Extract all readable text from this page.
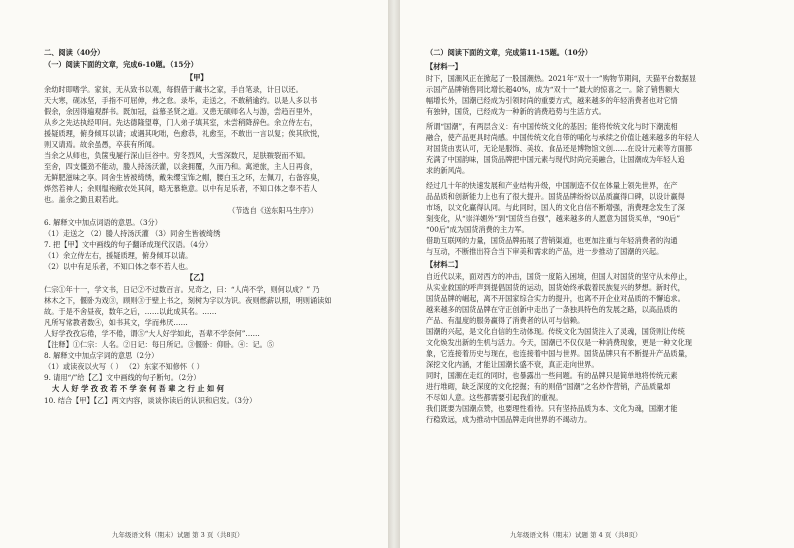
二、阅读（40分）
（一）阅读下面的文章，完成6-10题。（15分）
【甲】
余幼时即嗜学。家贫，无从致书以观，每假借于藏书之家，手自笔录，计日以还。
天大寒，砚冰坚，手指不可屈伸，弗之怠。录毕，走送之，不敢稍逾约。以是人多以书
假余，余因得遍观群书。既加冠，益慕圣贤之道。又患无硕师名人与游，尝趋百里外，
从乡之先达执经叩问。先达德隆望尊，门人弟子填其室，未尝稍降辞色。余立侍左右，
援疑质理，俯身倾耳以请；或遇其叱咄，色愈恭，礼愈至，不敢出一言以复；俟其欣悦，
则又请焉。故余虽愚，卒获有所闻。
当余之从师也，负箧曳屣行深山巨谷中。穷冬烈风，大雪深数尺，足肤皲裂而不知。
至舍，四支僵劲不能动，媵人持汤沃灌，以衾拥覆，久而乃和。寓逆旅，主人日再食，
无鲜肥滋味之享。同舍生皆被绮绣，戴朱缨宝饰之帽，腰白玉之环，左佩刀，右备容臭，
烨然若神人；余则缊袍敝衣处其间，略无慕艳意。以中有足乐者，不知口体之奉不若人
也。盖余之勤且艰若此。
（节选自《送东阳马生序》）
6. 解释文中加点词语的意思。（3分）
（1）走送之 （2）媵人持汤沃灌 （3）同舍生皆被绮绣
7. 把【甲】文中画线的句子翻译成现代汉语。（4分）
（1）余立侍左右，援疑质理，俯身倾耳以请。
（2）以中有足乐者，不知口体之奉不若人也。
【乙】
仁宗①年十一，学文书，日记②不过数百言。兄奇之，曰：“人尚不学，则何以成？” 乃
林木之下，偃卧为戏③，顾则③于壁上书之，刻树为字以为识。夜则燃薪以照，明则诵读如
故。于是不舍昼夜，数年之后，……以此成其名。……
凡所写常教者数④，如书其文，学而弗厌……
人好学孜孜忘倦，学不倦，谓⑤“大人好学如此，吾辈不学奈何”……
【注释】①仁宗：人名。②日记：每日所记。③偃卧：仰卧。④：记。⑤
8. 解释文中加点字词的意思（2分）
（1）或读夜以火写（ ） （2）东家不知修怀（ ）
9. 请用“/”给【乙】文中画线的句子断句。（2分）
大 人 好 学 孜 孜 若 不 学 奈 何 吾 辈 之 行 止 如 何
10. 结合【甲】【乙】两文内容，谈谈你读后的认识和启发。（3分）
九年级语文科（期末）试题 第 3 页（共8页）
（二）阅读下面的文章，完成第11-15题。（10分）
【材料一】
时下，国潮风正在掀起了一股国潮热。2021年“双十一”购物节期间，天猫平台数据显
示国产品牌销售同比增长超40%，成为“双十一”最大的惊喜之一。除了销售额大
幅增长外，国潮已经成为引领时尚的重要方式，越来越多的年轻消费者也对它情
有独钟，国货，已经成为一种新的消费趋势与生活方式。
所谓“国潮”，有两层含义：有中国传统文化的基因；能将传统文化与时下潮流相
融合，使产品更具时尚感。中国传统文化自带的哺化与承续之价值让越来越多的年轻人
对国货由衷认可，无论是服饰、美妆、食品还是博物馆文创……在设计元素等方面都
充满了中国韵味，国货品牌把中国元素与现代时尚完美融合，让国潮成为年轻人追
求的新风尚。
经过几十年的快速发展和产业结构升级，中国制造不仅在体量上领先世界，在产
品品质和创新能力上也有了很大提升。国货品牌纷纷以品质赢得口碑，以设计赢得
市场，以文化赢得认同。与此同时，国人的文化自信不断增强，消费理念发生了深
刻变化，从“崇洋媚外”到“国货当自强”，越来越多的人愿意为国货买单，“90后”
“00后”成为国货消费的主力军。
借助互联网的力量，国货品牌拓展了营销渠道，也更加注重与年轻消费者的沟通
与互动，不断推出符合当下审美和需求的产品，进一步推动了国潮的兴起。
【材料二】
自近代以来，面对西方的冲击，国货一度陷入困境，但国人对国货的坚守从未停止，
从实业救国的呼声到提倡国货的运动，国货始终承载着民族复兴的梦想。新时代，
国货品牌的崛起，离不开国家综合实力的提升，也离不开企业对品质的不懈追求。
越来越多的国货品牌在守正创新中走出了一条独具特色的发展之路，以高品质的
产品、有温度的服务赢得了消费者的认可与信赖。
国潮的兴起，是文化自信的生动体现。传统文化为国货注入了灵魂，国货则让传统
文化焕发出新的生机与活力。今天，国潮已不仅仅是一种消费现象，更是一种文化现
象，它连接着历史与现在，也连接着中国与世界。国货品牌只有不断提升产品质量，
深挖文化内涵，才能让国潮长盛不衰，真正走向世界。
同时，国潮在走红的同时，也暴露出一些问题。有的品牌只是简单地将传统元素
进行堆砌，缺乏深度的文化挖掘；有的则借“国潮”之名炒作营销，产品质量却
不尽如人意。这些都需要引起我们的重视。
我们既要为国潮点赞，也要理性看待。只有坚持品质为本、文化为魂，国潮才能
行稳致远，成为推动中国品牌走向世界的不竭动力。
九年级语文科（期末）试题 第 4 页（共8页）
